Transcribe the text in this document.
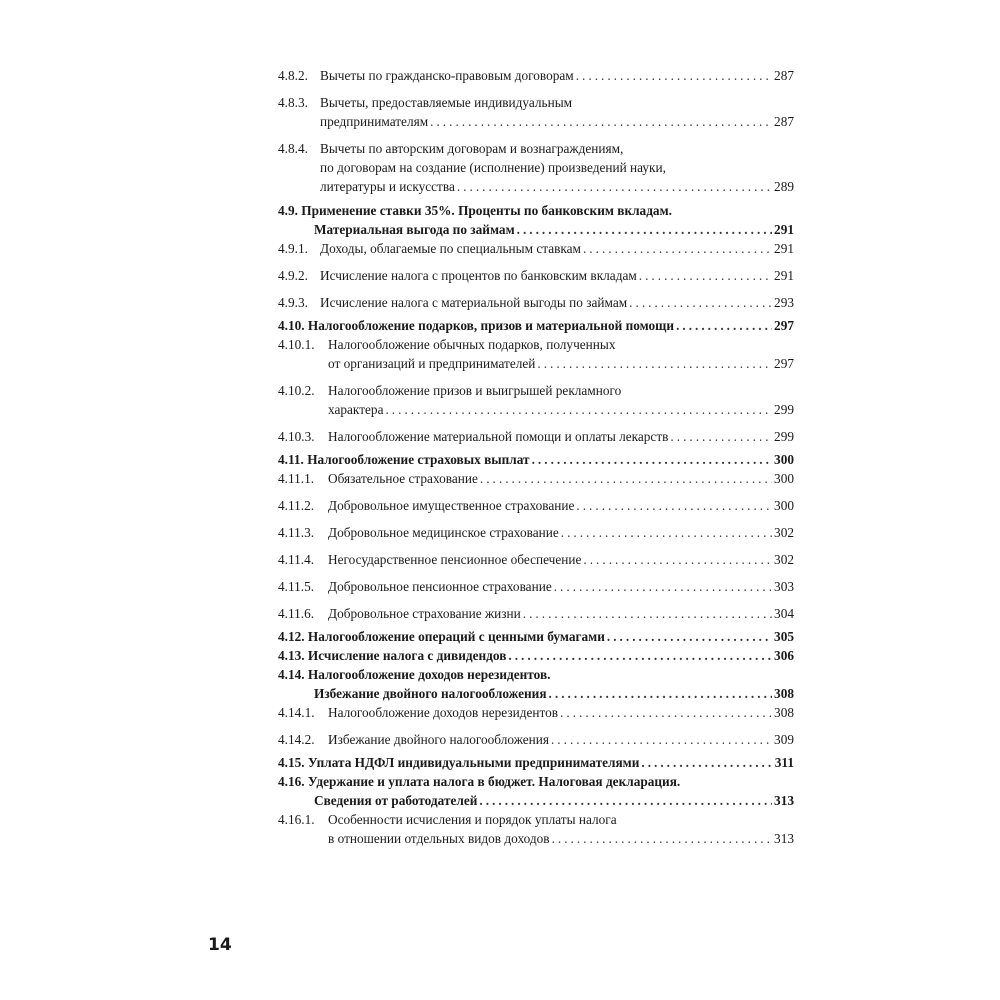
4.8.2. Вычеты по гражданско-правовым договорам .....	287
4.8.3. Вычеты, предоставляемые индивидуальным
предпринимателям .....	287
4.8.4. Вычеты по авторским договорам и вознаграждениям,
по договорам на создание (исполнение) произведений науки,
литературы и искусства .....	289
4.9. Применение ставки 35%. Проценты по банковским вкладам.
Материальная выгода по займам .....	291
4.9.1. Доходы, облагаемые по специальным ставкам .....	291
4.9.2. Исчисление налога с процентов по банковским вкладам .....	291
4.9.3. Исчисление налога с материальной выгоды по займам .....	293
4.10.
Налогообложение подарков, призов и материальной помощи .....	297
4.10.1.	Налогообложение обычных подарков, полученных
от организаций и предпринимателей .....	297
4.10.2.	Налогообложение призов и выигрышей рекламного
характера .....	299
4.10.3.	Налогообложение материальной помощи и оплаты лекарств .....	299
4.11.
Налогообложение страховых выплат .....	300
4.11.1.	Обязательное страхование .....	300
4.11.2.	Добровольное имущественное страхование .....	300
4.11.3.	Добровольное медицинское страхование .....	302
4.11.4.	Негосударственное пенсионное обеспечение .....	302
4.11.5.	Добровольное пенсионное страхование .....	303
4.11.6.	Добровольное страхование жизни .....	304
4.12.
Налогообложение операций с ценными бумагами .....	305
4.13.
Исчисление налога с дивидендов .....	306
4.14. Налогообложение доходов нерезидентов.
Избежание двойного налогообложения .....	308
4.14.1.	Налогообложение доходов нерезидентов .....	308
4.14.2.	Избежание двойного налогообложения .....	309
4.15.
Уплата НДФЛ индивидуальными предпринимателями .....	311
4.16. Удержание и уплата налога в бюджет. Налоговая декларация.
Сведения от работодателей .....	313
4.16.1.	Особенности исчисления и порядок уплаты налога
в отношении отдельных видов доходов .....	313
14
